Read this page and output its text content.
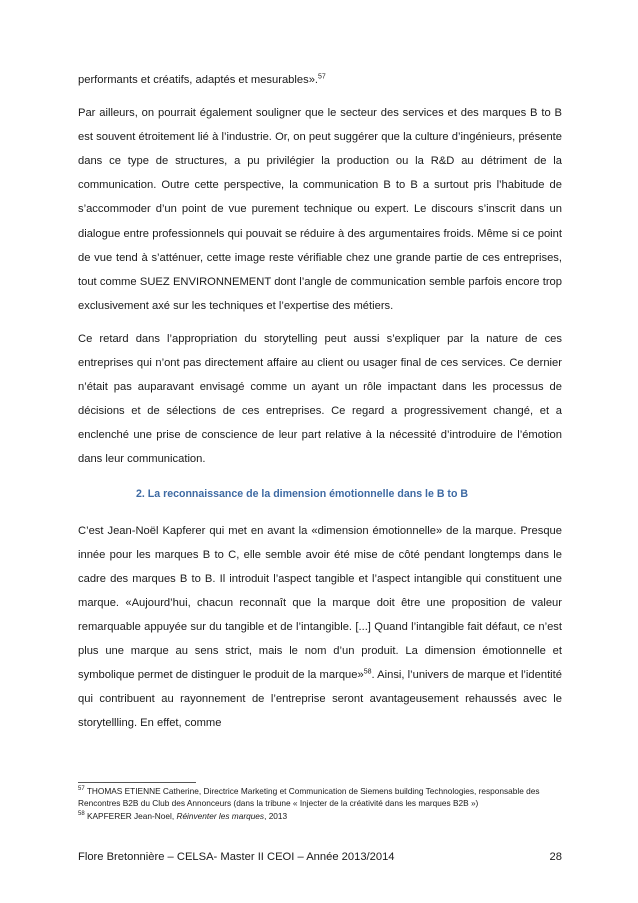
performants et créatifs, adaptés et mesurables».$^{57}$

Par ailleurs, on pourrait également souligner que le secteur des services et des marques B to B est souvent étroitement lié à l’industrie. Or, on peut suggérer que la culture d’ingénieurs, présente dans ce type de structures, a pu privilégier la production ou la R&D au détriment de la communication. Outre cette perspective, la communication B to B a surtout pris l’habitude de s’accommoder d’un point de vue purement technique ou expert. Le discours s’inscrit dans un dialogue entre professionnels qui pouvait se réduire à des argumentaires froids. Même si ce point de vue tend à s’atténuer, cette image reste vérifiable chez une grande partie de ces entreprises, tout comme SUEZ ENVIRONNEMENT dont l’angle de communication semble parfois encore trop exclusivement axé sur les techniques et l’expertise des métiers.

Ce retard dans l’appropriation du storytelling peut aussi s’expliquer par la nature de ces entreprises qui n’ont pas directement affaire au client ou usager final de ces services. Ce dernier n’était pas auparavant envisagé comme un ayant un rôle impactant dans les processus de décisions et de sélections de ces entreprises. Ce regard a progressivement changé, et a enclenché une prise de conscience de leur part relative à la nécessité d’introduire de l’émotion dans leur communication.

2. La reconnaissance de la dimension émotionnelle dans le B to B

C’est Jean-Noël Kapferer qui met en avant la «dimension émotionnelle» de la marque. Presque innée pour les marques B to C, elle semble avoir été mise de côté pendant longtemps dans le cadre des marques B to B. Il introduit l’aspect tangible et l’aspect intangible qui constituent une marque. «Aujourd’hui, chacun reconnaît que la marque doit être une proposition de valeur remarquable appuyée sur du tangible et de l’intangible. [...] Quand l’intangible fait défaut, ce n’est plus une marque au sens strict, mais le nom d’un produit. La dimension émotionnelle et symbolique permet de distinguer le produit de la marque»$^{58}$. Ainsi, l’univers de marque et l’identité qui contribuent au rayonnement de l’entreprise seront avantageusement rehaussés avec le storytellling. En effet, comme

$^{57}$ THOMAS ETIENNE Catherine, Directrice Marketing et Communication de Siemens building Technologies, responsable des Rencontres B2B du Club des Annonceurs (dans la tribune « Injecter de la créativité dans les marques B2B »)
$^{58}$ KAPFERER Jean-Noel, Réinventer les marques, 2013
Flore Bretonnière – CELSA- Master II CEOI – Année 2013/2014	28
